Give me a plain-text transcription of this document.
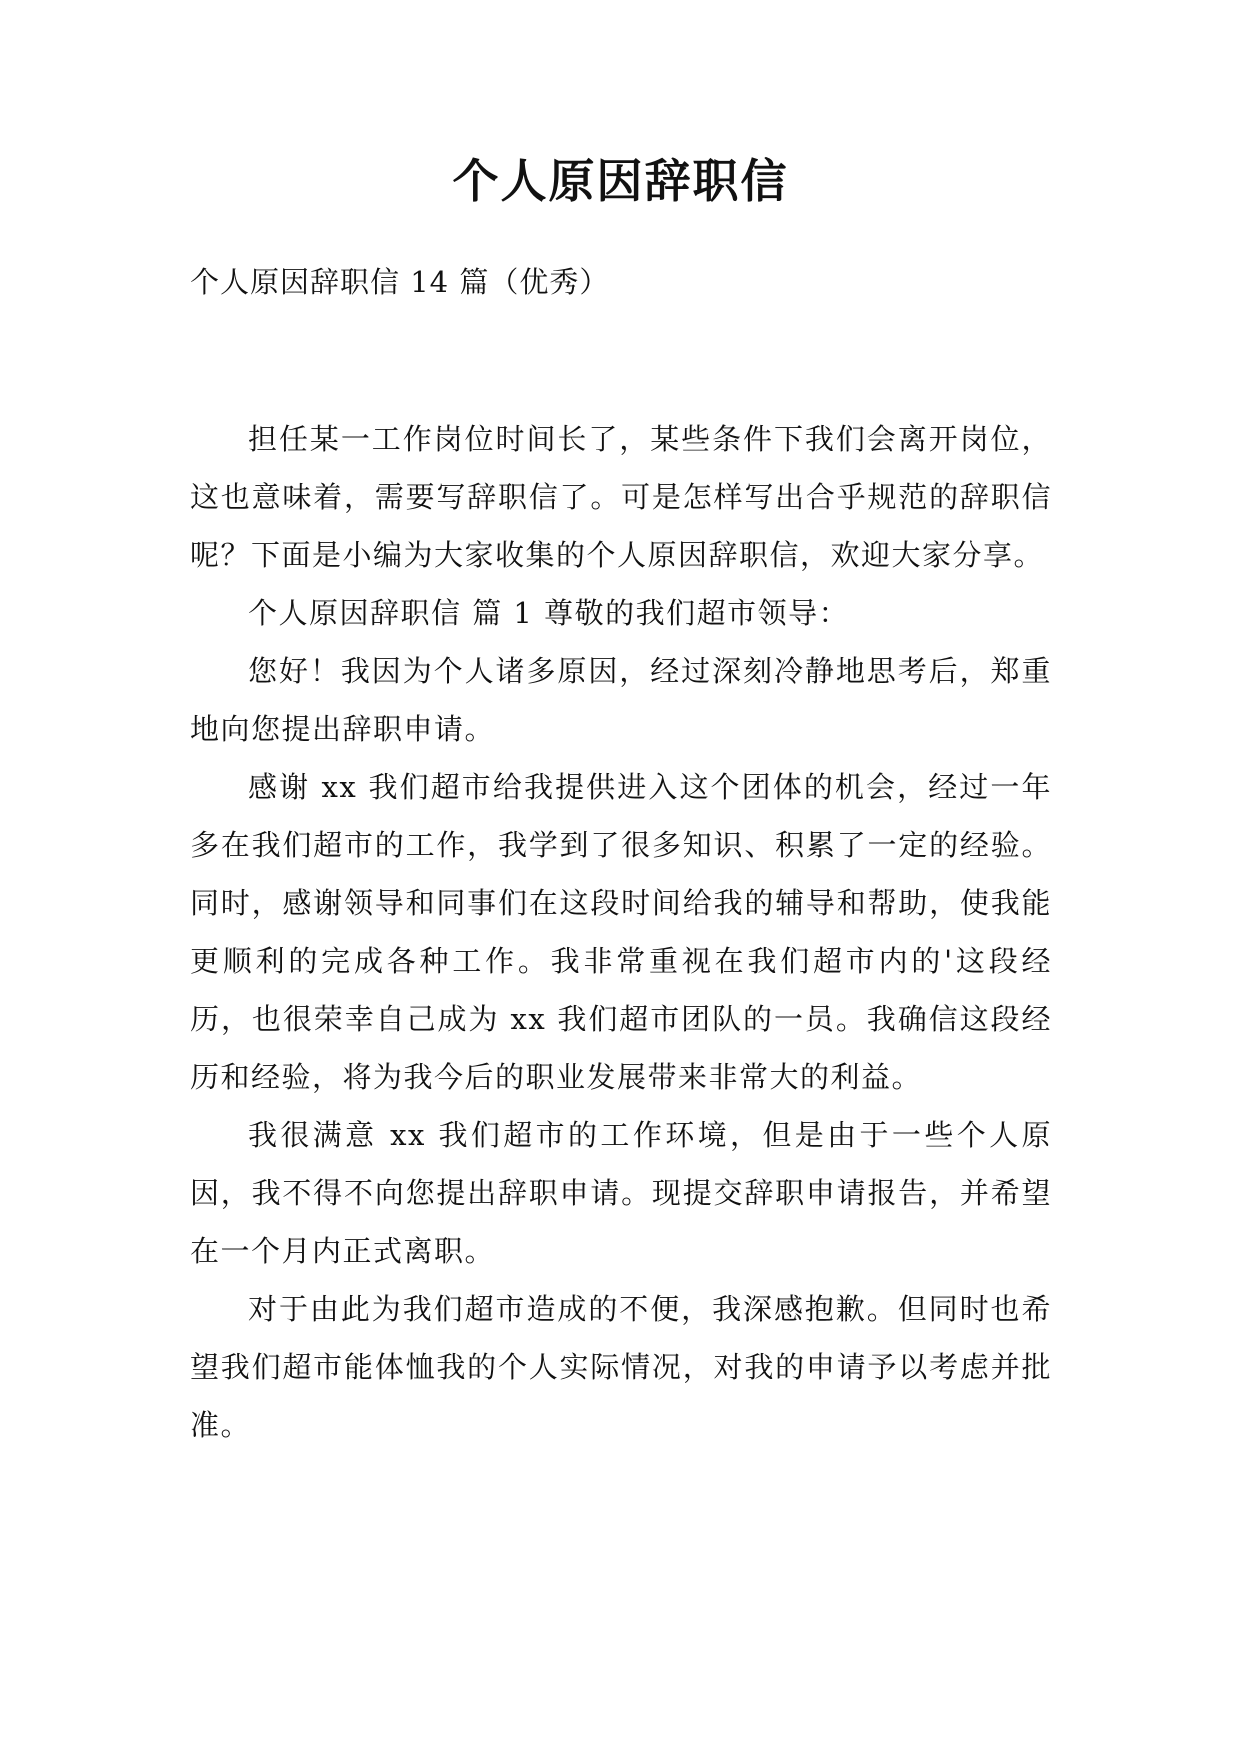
个人原因辞职信

个人原因辞职信 14 篇（优秀）

担任某一工作岗位时间长了，某些条件下我们会离开岗位，这也意味着，需要写辞职信了。可是怎样写出合乎规范的辞职信呢？下面是小编为大家收集的个人原因辞职信，欢迎大家分享。

个人原因辞职信 篇 1 尊敬的我们超市领导：

您好！我因为个人诸多原因，经过深刻冷静地思考后，郑重地向您提出辞职申请。

感谢 xx 我们超市给我提供进入这个团体的机会，经过一年多在我们超市的工作，我学到了很多知识、积累了一定的经验。同时，感谢领导和同事们在这段时间给我的辅导和帮助，使我能更顺利的完成各种工作。我非常重视在我们超市内的'这段经历，也很荣幸自己成为 xx 我们超市团队的一员。我确信这段经历和经验，将为我今后的职业发展带来非常大的利益。

我很满意 xx 我们超市的工作环境，但是由于一些个人原因，我不得不向您提出辞职申请。现提交辞职申请报告，并希望在一个月内正式离职。

对于由此为我们超市造成的不便，我深感抱歉。但同时也希望我们超市能体恤我的个人实际情况，对我的申请予以考虑并批准。
